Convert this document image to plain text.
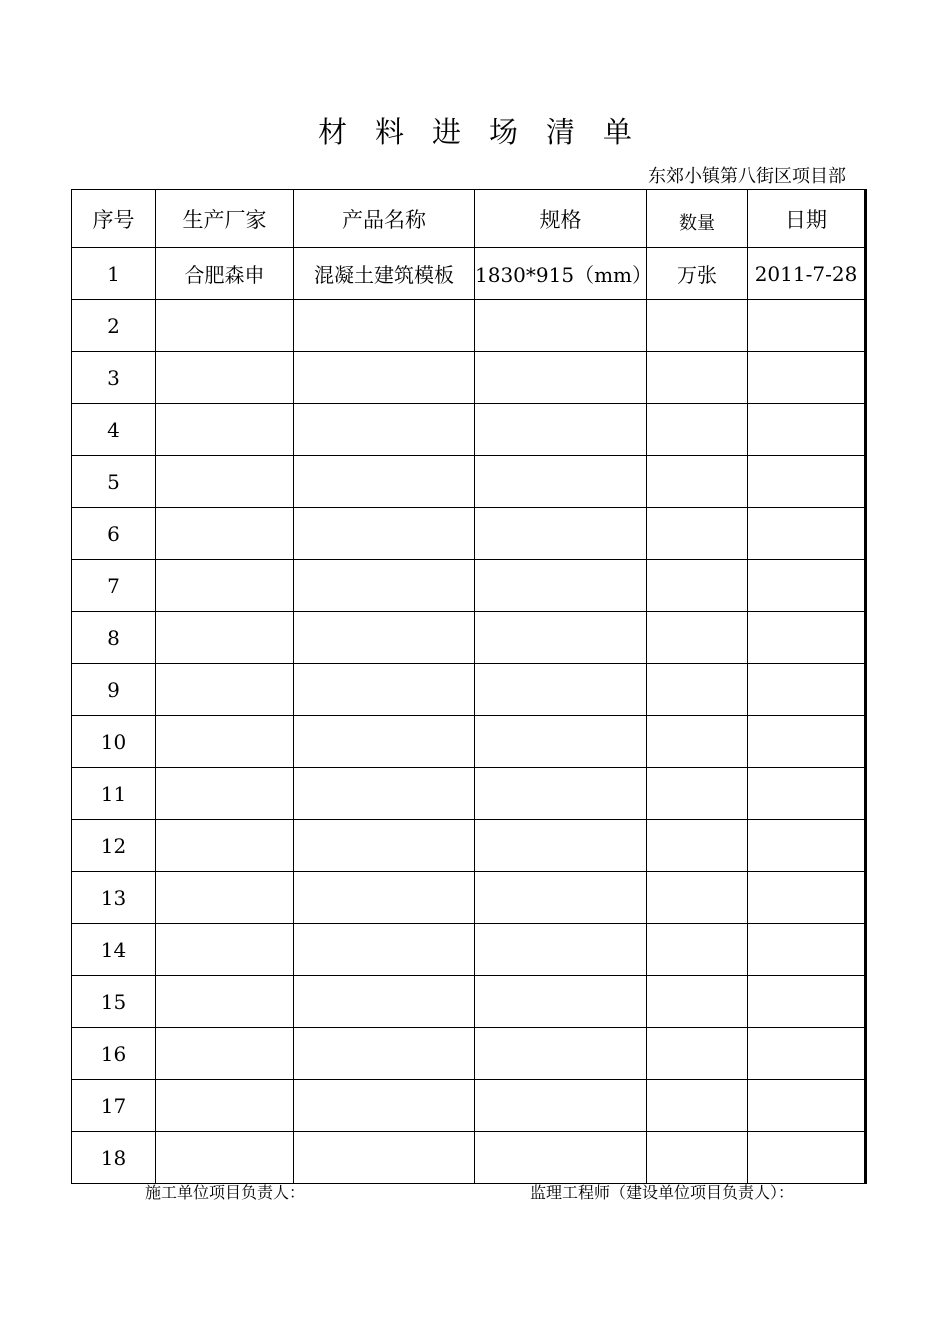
材料进场清单
东郊小镇第八街区项目部
序号	生产厂家	产品名称	规格	数量	日期
1	合肥森申	混凝土建筑模板	1830*915（mm）	万张	2011-7-28
2					
3					
4					
5					
6					
7					
8					
9					
10					
11					
12					
13					
14					
15					
16					
17					
18					
施工单位项目负责人：	监理工程师（建设单位项目负责人）：
